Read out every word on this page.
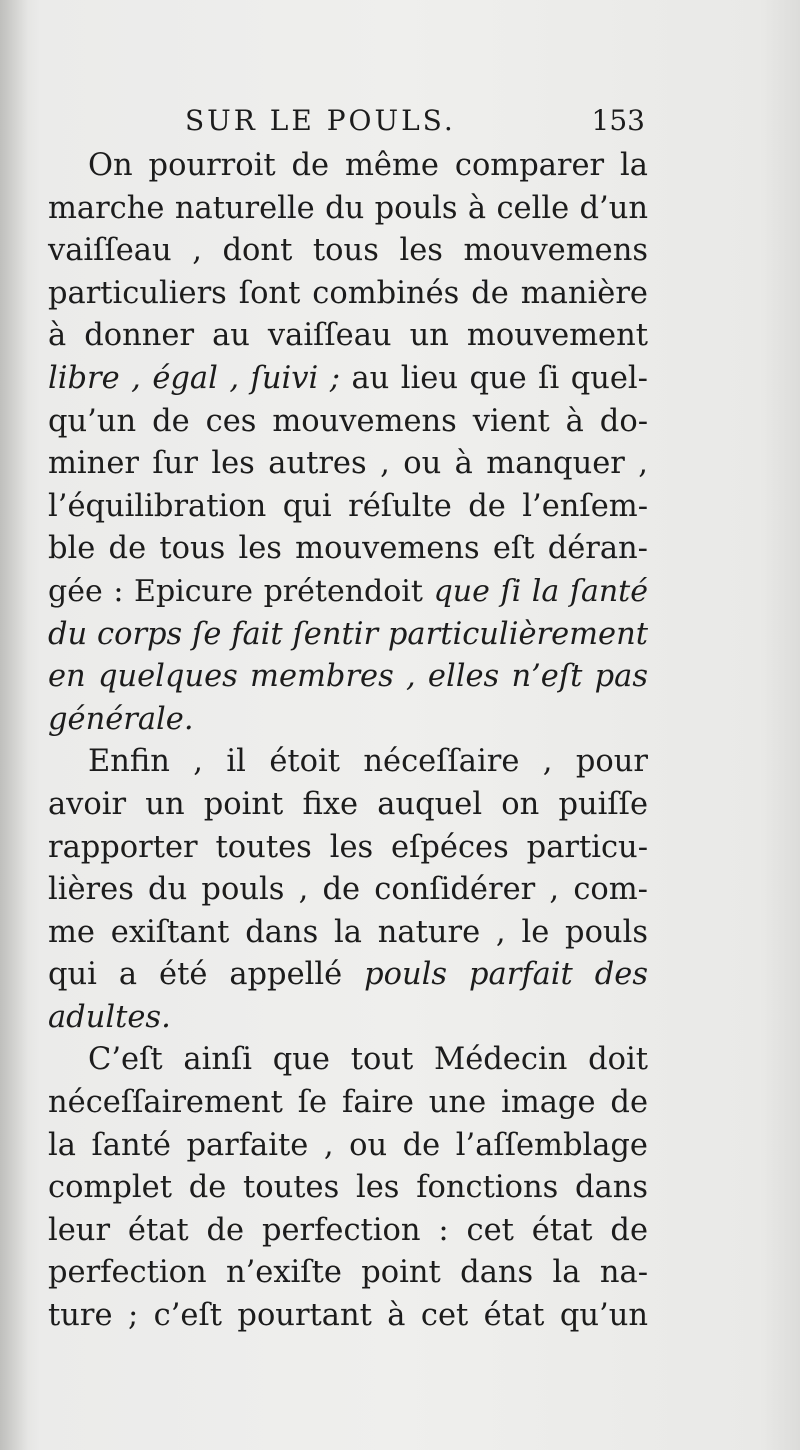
SUR LE POULS.	153
On pourroit de même comparer la
marche naturelle du pouls à celle d’un
vaiſſeau , dont tous les mouvemens
particuliers ſont combinés de manière
à donner au vaiſſeau un mouvement
libre , égal , ſuivi ; au lieu que ſi quel-
qu’un de ces mouvemens vient à do-
miner ſur les autres , ou à manquer ,
l’équilibration qui réſulte de l’enſem-
ble de tous les mouvemens eſt déran-
gée : Epicure prétendoit que ſi la ſanté
du corps ſe fait ſentir particulièrement
en quelques membres , elles n’eſt pas
générale.
Enfin , il étoit néceſſaire , pour
avoir un point fixe auquel on puiſſe
rapporter toutes les eſpéces particu-
lières du pouls , de conſidérer , com-
me exiſtant dans la nature , le pouls
qui a été appellé pouls parfait des
adultes.
C’eſt ainſi que tout Médecin doit
néceſſairement ſe faire une image de
la ſanté parfaite , ou de l’aſſemblage
complet de toutes les fonctions dans
leur état de perfection : cet état de
perfection n’exiſte point dans la na-
ture ; c’eſt pourtant à cet état qu’un
